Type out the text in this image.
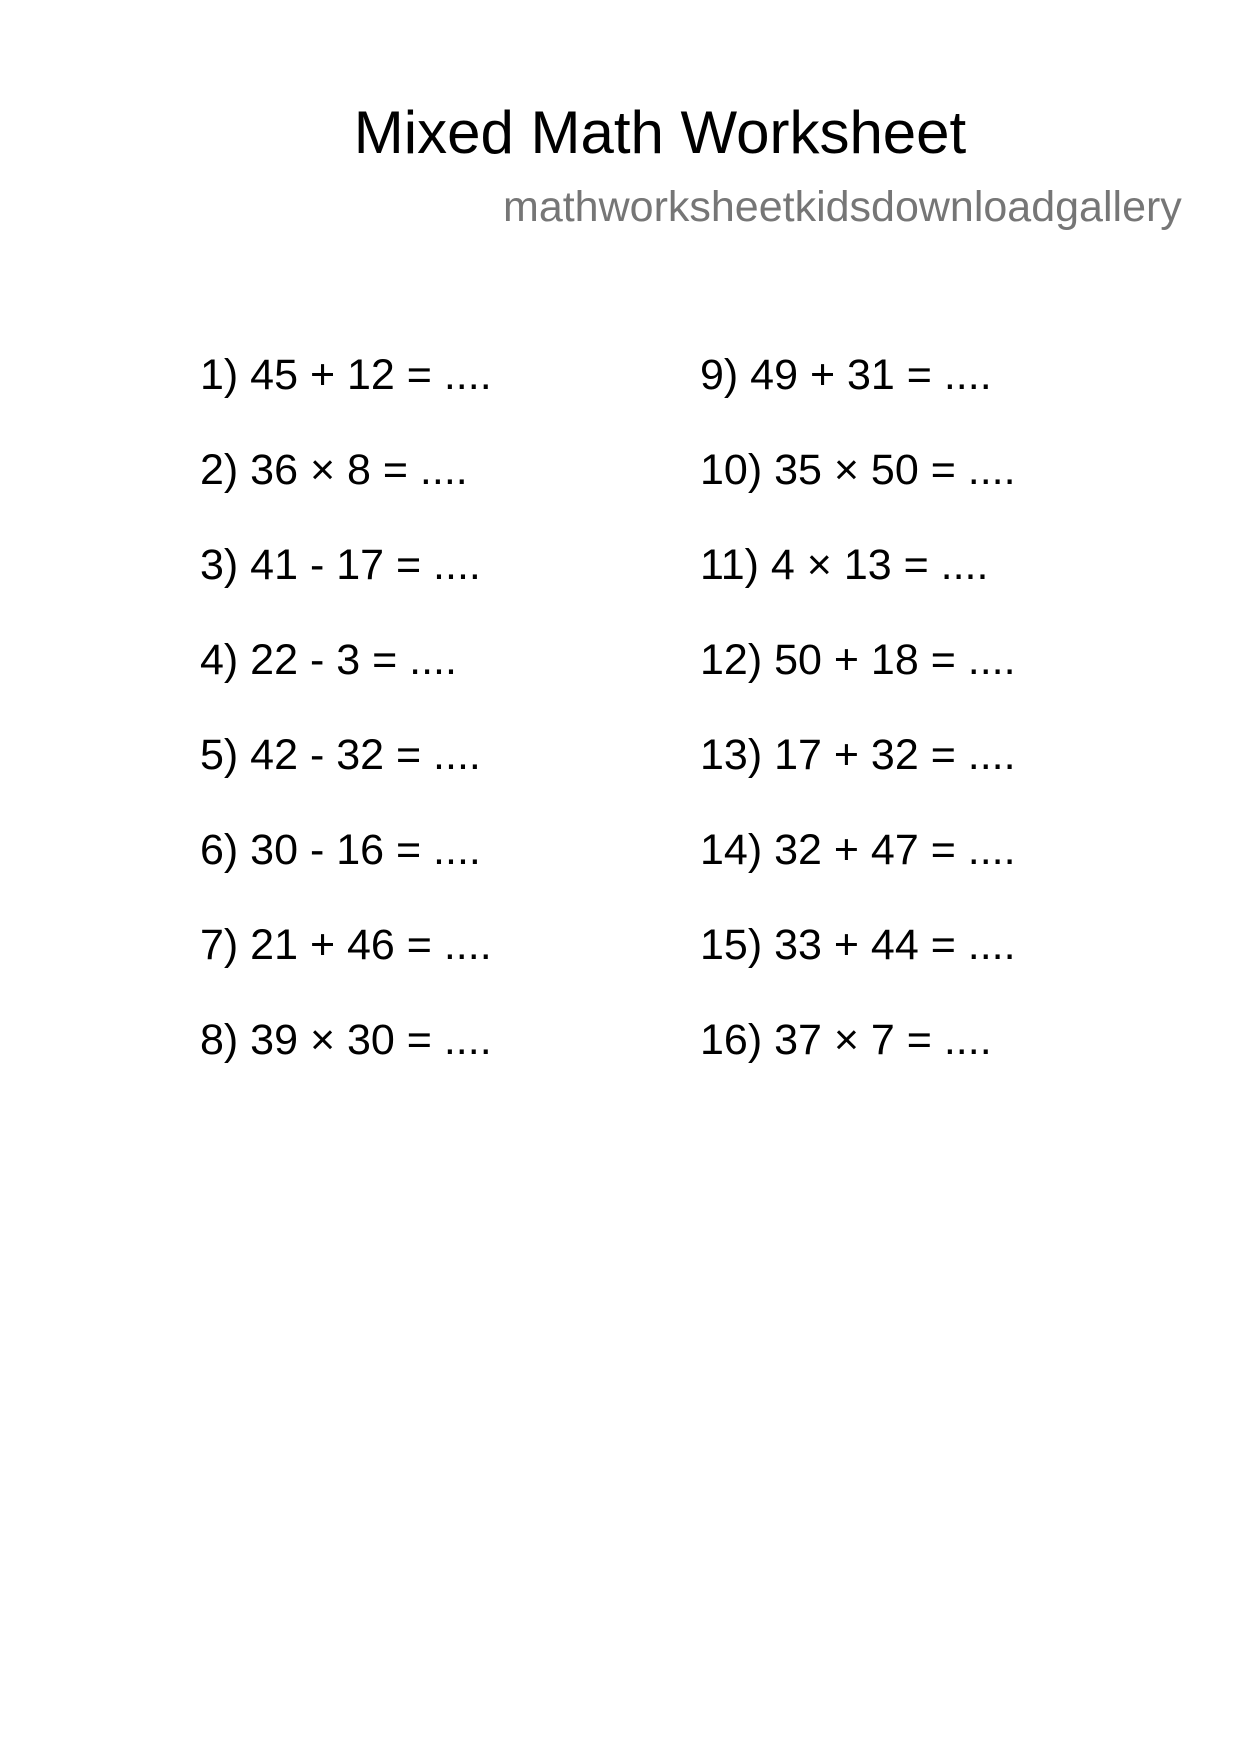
Mixed Math Worksheet
mathworksheetkidsdownloadgallery
1) 45 + 12 = ....
2) 36 × 8 = ....
3) 41 - 17 = ....
4) 22 - 3 = ....
5) 42 - 32 = ....
6) 30 - 16 = ....
7) 21 + 46 = ....
8) 39 × 30 = ....
9) 49 + 31 = ....
10) 35 × 50 = ....
11) 4 × 13 = ....
12) 50 + 18 = ....
13) 17 + 32 = ....
14) 32 + 47 = ....
15) 33 + 44 = ....
16) 37 × 7 = ....
